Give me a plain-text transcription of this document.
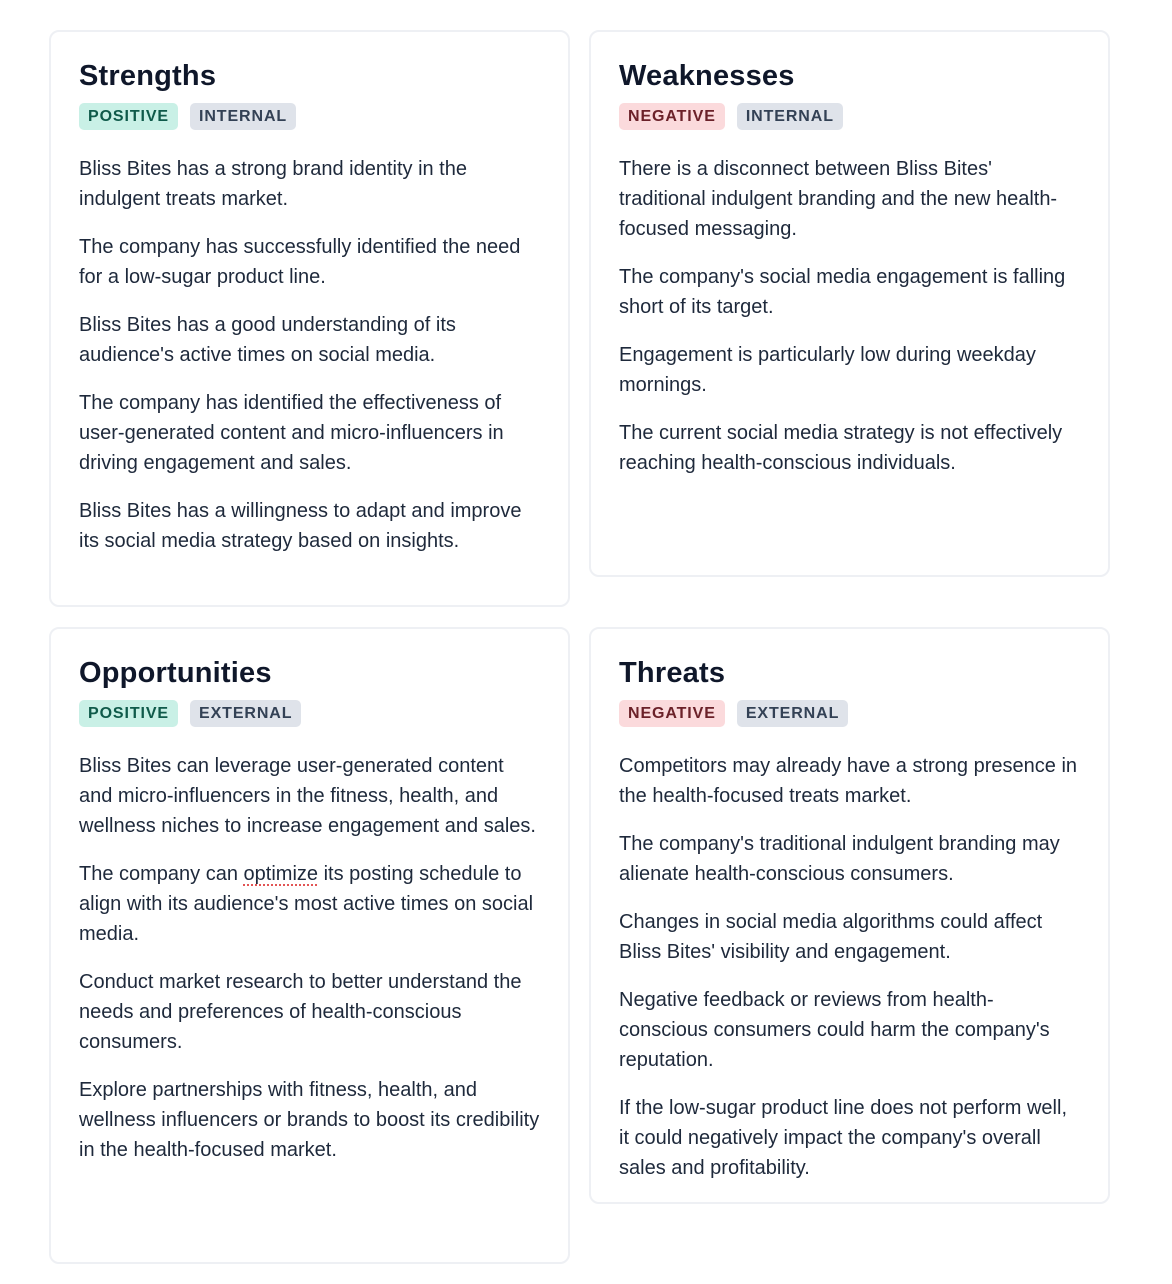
Strengths
POSITIVE	INTERNAL
Bliss Bites has a strong brand identity in the indulgent treats market.
The company has successfully identified the need for a low-sugar product line.
Bliss Bites has a good understanding of its audience's active times on social media.
The company has identified the effectiveness of user-generated content and micro-influencers in driving engagement and sales.
Bliss Bites has a willingness to adapt and improve its social media strategy based on insights.
Weaknesses
NEGATIVE	INTERNAL
There is a disconnect between Bliss Bites' traditional indulgent branding and the new health-focused messaging.
The company's social media engagement is falling short of its target.
Engagement is particularly low during weekday mornings.
The current social media strategy is not effectively reaching health-conscious individuals.
Opportunities
POSITIVE	EXTERNAL
Bliss Bites can leverage user-generated content and micro-influencers in the fitness, health, and wellness niches to increase engagement and sales.
The company can optimize its posting schedule to align with its audience's most active times on social media.
Conduct market research to better understand the needs and preferences of health-conscious consumers.
Explore partnerships with fitness, health, and wellness influencers or brands to boost its credibility in the health-focused market.
Threats
NEGATIVE	EXTERNAL
Competitors may already have a strong presence in the health-focused treats market.
The company's traditional indulgent branding may alienate health-conscious consumers.
Changes in social media algorithms could affect Bliss Bites' visibility and engagement.
Negative feedback or reviews from health-conscious consumers could harm the company's reputation.
If the low-sugar product line does not perform well, it could negatively impact the company's overall sales and profitability.
